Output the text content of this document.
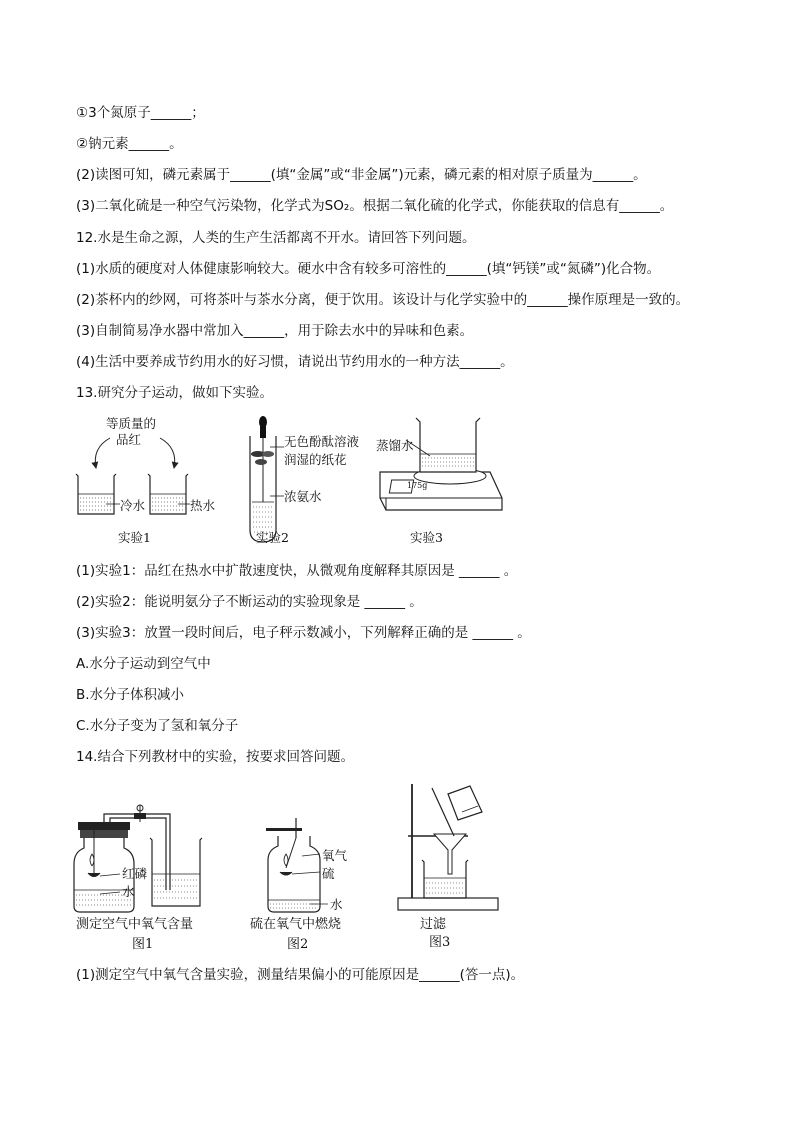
①3个氮原子______；
②钠元素______。
(2)读图可知，磷元素属于______(填“金属”或“非金属”)元素，磷元素的相对原子质量为______。
(3)二氧化硫是一种空气污染物，化学式为SO₂。根据二氧化硫的化学式，你能获取的信息有______。
12.水是生命之源，人类的生产生活都离不开水。请回答下列问题。
(1)水质的硬度对人体健康影响较大。硬水中含有较多可溶性的______(填“钙镁”或“氮磷”)化合物。
(2)茶杯内的纱网，可将茶叶与茶水分离，便于饮用。该设计与化学实验中的______操作原理是一致的。
(3)自制简易净水器中常加入______，用于除去水中的异味和色素。
(4)生活中要养成节约用水的好习惯，请说出节约用水的一种方法______。
13.研究分子运动，做如下实验。
等质量的
品红
冷水	热水
实验1
无色酚酞溶液
润湿的纸花
浓氨水
实验2
蒸馏水
175g
实验3
(1)实验1：品红在热水中扩散速度快，从微观角度解释其原因是 ______ 。
(2)实验2：能说明氨分子不断运动的实验现象是 ______ 。
(3)实验3：放置一段时间后，电子秤示数减小，下列解释正确的是 ______ 。
A.水分子运动到空气中
B.水分子体积减小
C.水分子变为了氢和氧分子
14.结合下列教材中的实验，按要求回答问题。
红磷
水
测定空气中氧气含量
图1
氧气
硫
水
硫在氧气中燃烧
图2
过滤
图3
(1)测定空气中氧气含量实验，测量结果偏小的可能原因是______(答一点)。
